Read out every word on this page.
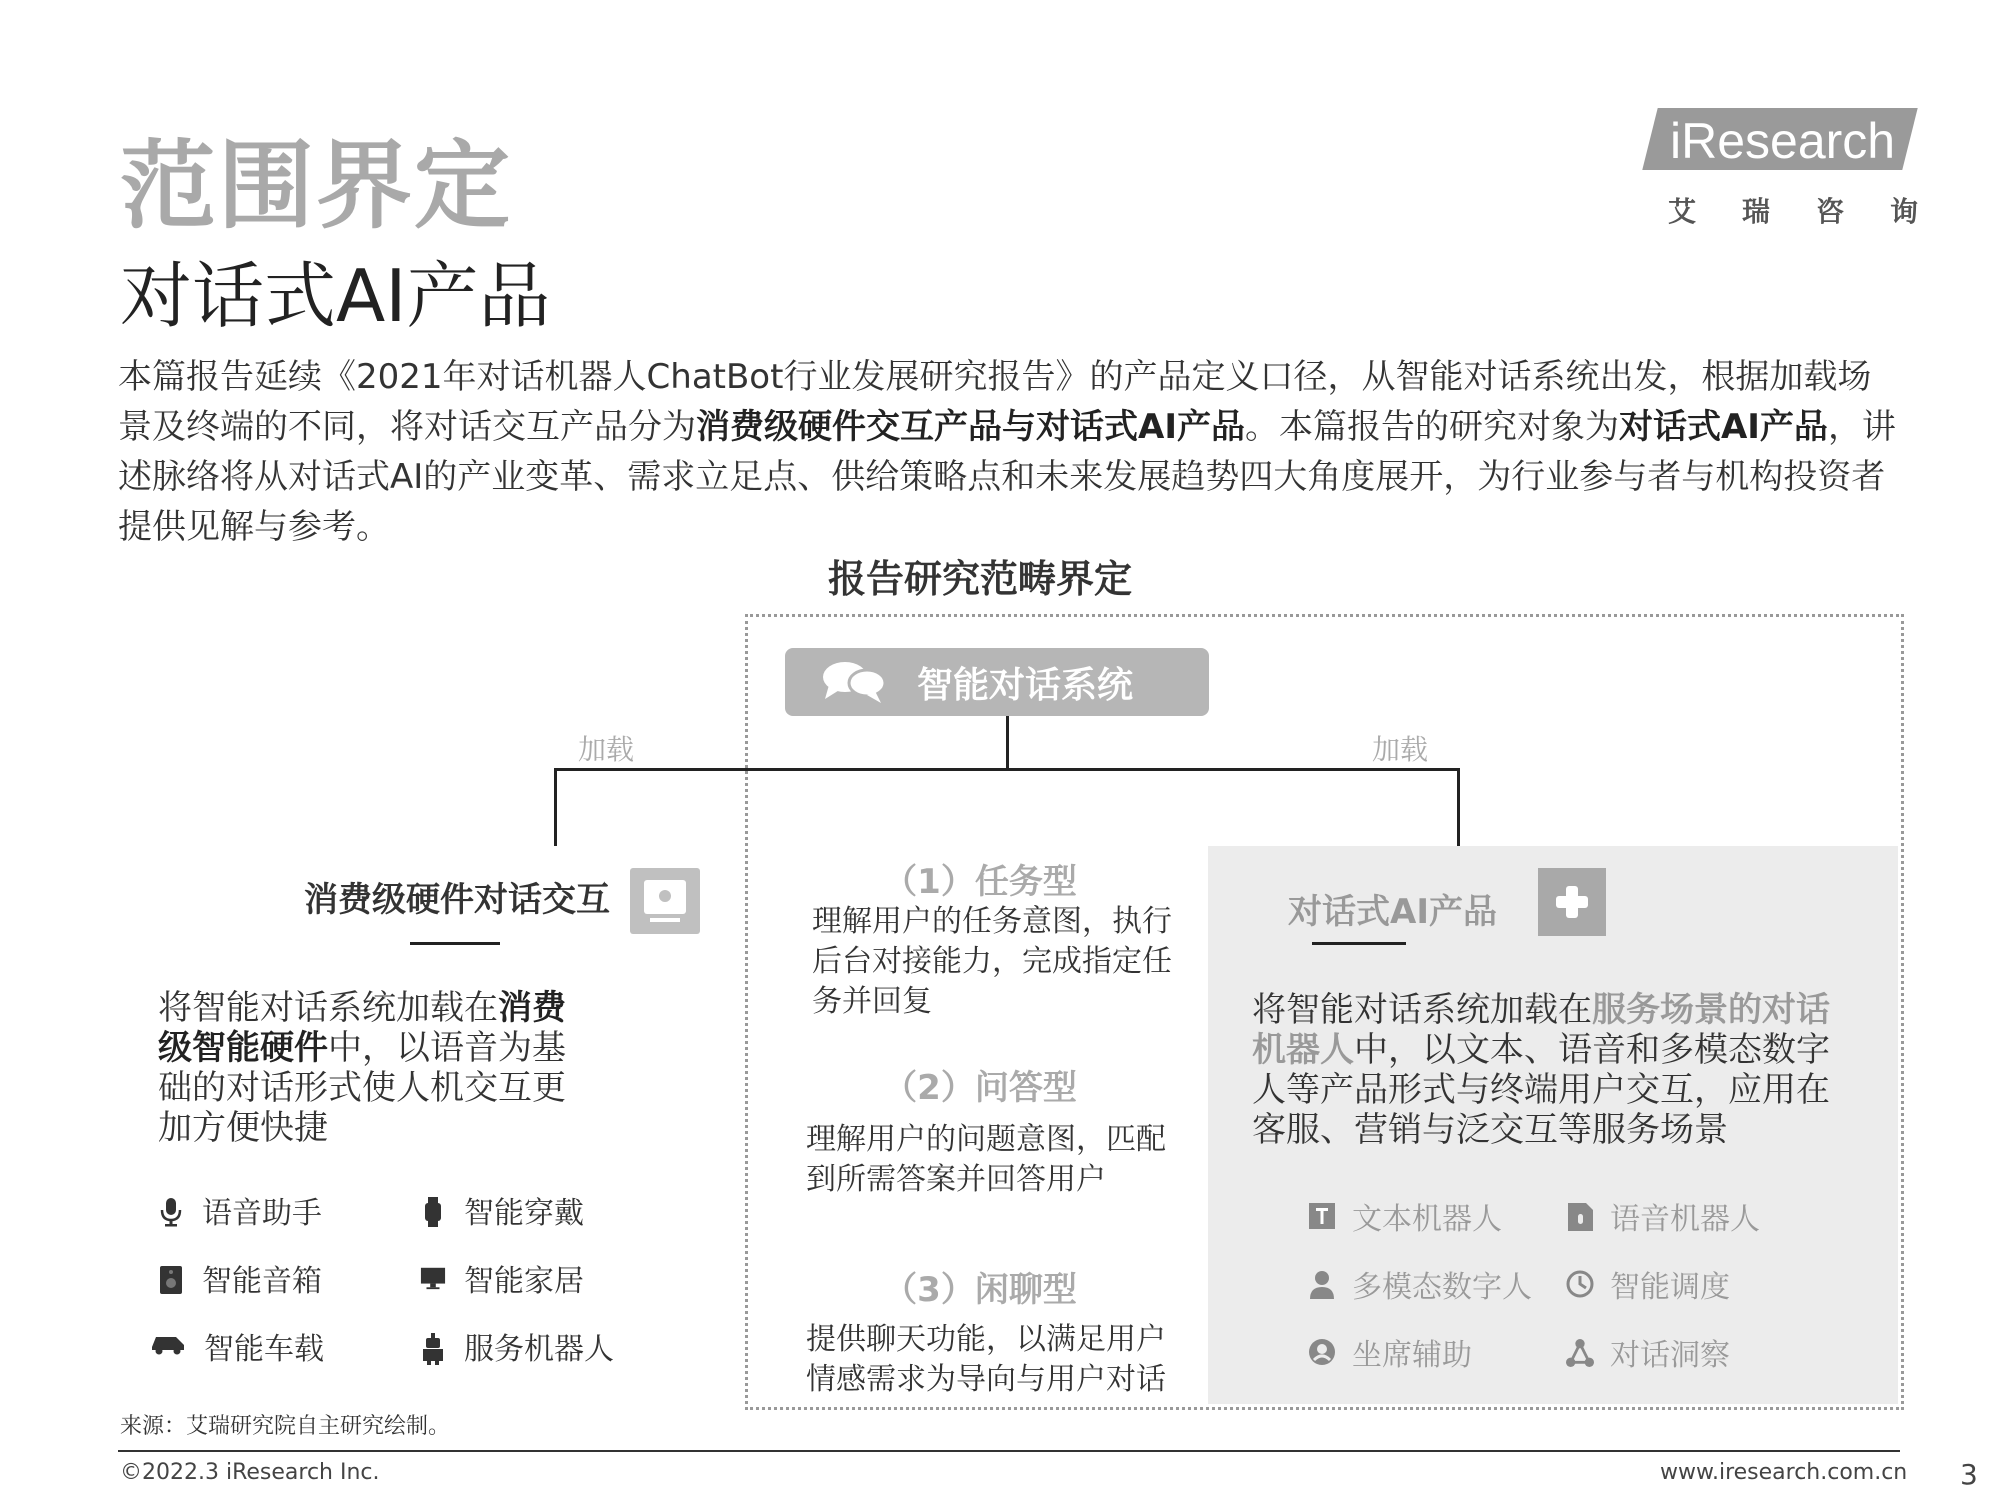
范围界定
对话式AI产品
iResearch
艾瑞咨询
本篇报告延续《2021年对话机器人ChatBot行业发展研究报告》的产品定义口径，从智能对话系统出发，根据加载场景及终端的不同，将对话交互产品分为消费级硬件交互产品与对话式AI产品。本篇报告的研究对象为对话式AI产品，讲述脉络将从对话式AI的产业变革、需求立足点、供给策略点和未来发展趋势四大角度展开，为行业参与者与机构投资者提供见解与参考。
报告研究范畴界定
智能对话系统
加载	加载
消费级硬件对话交互
将智能对话系统加载在消费级智能硬件中，以语音为基础的对话形式使人机交互更加方便快捷
语音助手	智能穿戴
智能音箱	智能家居
智能车载	服务机器人
（1）任务型
理解用户的任务意图，执行后台对接能力，完成指定任务并回复
（2）问答型
理解用户的问题意图，匹配到所需答案并回答用户
（3）闲聊型
提供聊天功能，以满足用户情感需求为导向与用户对话
对话式AI产品
将智能对话系统加载在服务场景的对话机器人中，以文本、语音和多模态数字人等产品形式与终端用户交互，应用在客服、营销与泛交互等服务场景
文本机器人	语音机器人
多模态数字人	智能调度
坐席辅助	对话洞察
来源：艾瑞研究院自主研究绘制。
©2022.3 iResearch Inc.	www.iresearch.com.cn 3
